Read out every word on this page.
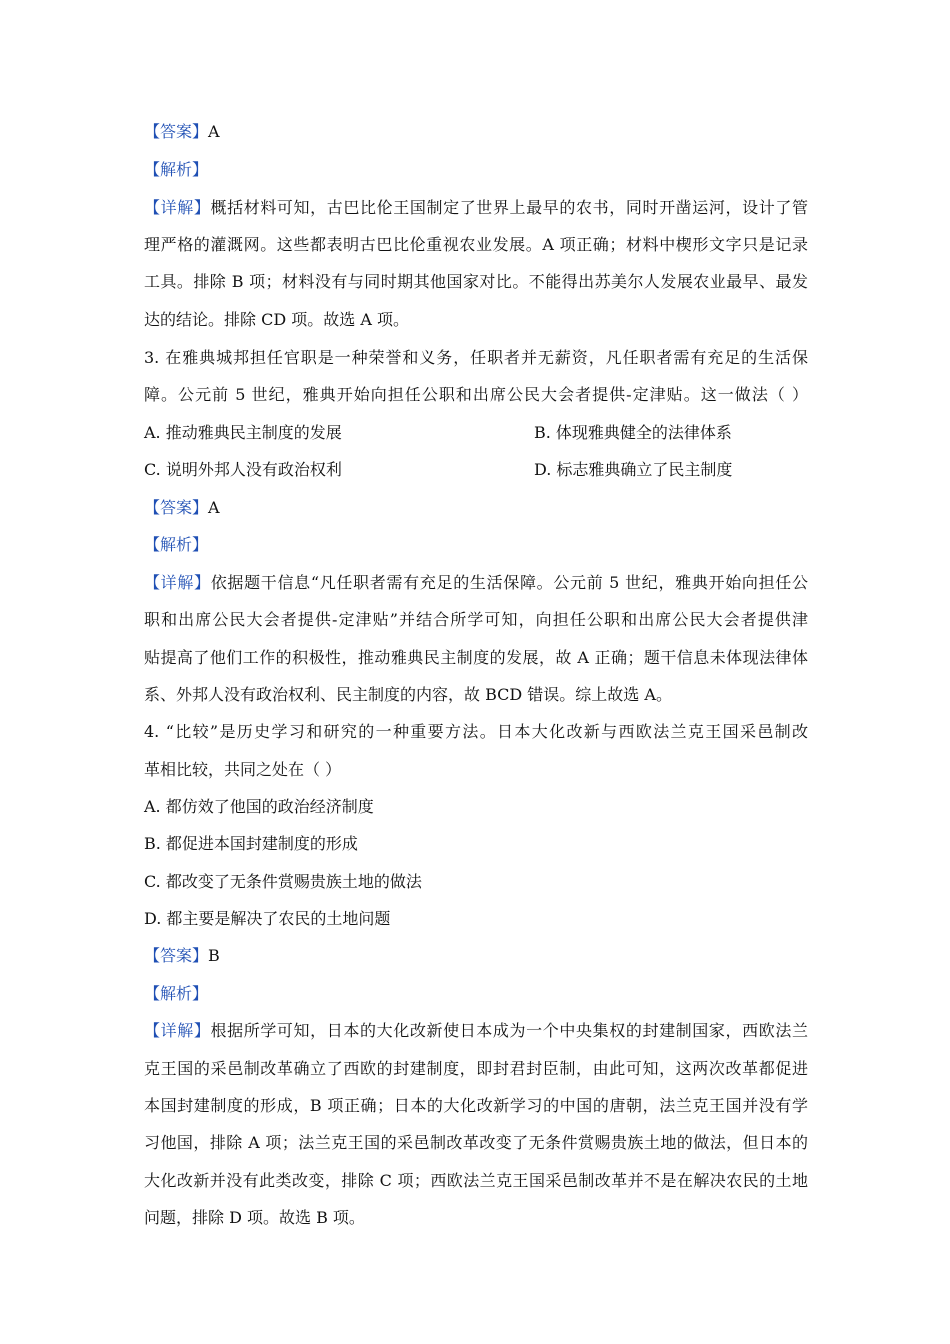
【答案】A
【解析】
【详解】概括材料可知，古巴比伦王国制定了世界上最早的农书，同时开凿运河，设计了管
理严格的灌溉网。这些都表明古巴比伦重视农业发展。A 项正确；材料中楔形文字只是记录
工具。排除 B 项；材料没有与同时期其他国家对比。不能得出苏美尔人发展农业最早、最发
达的结论。排除 CD 项。故选 A 项。
3. 在雅典城邦担任官职是一种荣誉和义务，任职者并无薪资，凡任职者需有充足的生活保
障。公元前 5 世纪，雅典开始向担任公职和出席公民大会者提供-定津贴。这一做法（ ）
A. 推动雅典民主制度的发展	B. 体现雅典健全的法律体系
C. 说明外邦人没有政治权利	D. 标志雅典确立了民主制度
【答案】A
【解析】
【详解】依据题干信息“凡任职者需有充足的生活保障。公元前 5 世纪，雅典开始向担任公
职和出席公民大会者提供-定津贴”并结合所学可知，向担任公职和出席公民大会者提供津
贴提高了他们工作的积极性，推动雅典民主制度的发展，故 A 正确；题干信息未体现法律体
系、外邦人没有政治权利、民主制度的内容，故 BCD 错误。综上故选 A。
4. “比较”是历史学习和研究的一种重要方法。日本大化改新与西欧法兰克王国采邑制改
革相比较，共同之处在（ ）
A. 都仿效了他国的政治经济制度
B. 都促进本国封建制度的形成
C. 都改变了无条件赏赐贵族土地的做法
D. 都主要是解决了农民的土地问题
【答案】B
【解析】
【详解】根据所学可知，日本的大化改新使日本成为一个中央集权的封建制国家，西欧法兰
克王国的采邑制改革确立了西欧的封建制度，即封君封臣制，由此可知，这两次改革都促进
本国封建制度的形成，B 项正确；日本的大化改新学习的中国的唐朝，法兰克王国并没有学
习他国，排除 A 项；法兰克王国的采邑制改革改变了无条件赏赐贵族土地的做法，但日本的
大化改新并没有此类改变，排除 C 项；西欧法兰克王国采邑制改革并不是在解决农民的土地
问题，排除 D 项。故选 B 项。
